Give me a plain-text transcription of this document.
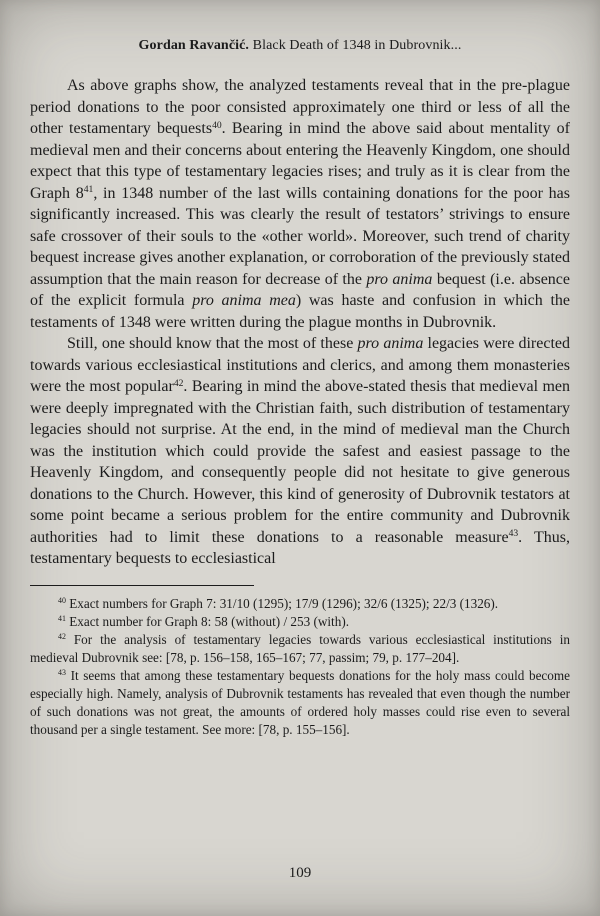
Gordan Ravančić. Black Death of 1348 in Dubrovnik...

As above graphs show, the analyzed testaments reveal that in the pre-plague period donations to the poor consisted approximately one third or less of all the other testamentary bequests$^{40}$. Bearing in mind the above said about mentality of medieval men and their concerns about entering the Heavenly Kingdom, one should expect that this type of testamentary legacies rises; and truly as it is clear from the Graph $8^{41}$, in 1348 number of the last wills containing donations for the poor has significantly increased. This was clearly the result of testators’ strivings to ensure safe crossover of their souls to the «other world». Moreover, such trend of charity bequest increase gives another explanation, or corroboration of the previously stated assumption that the main reason for decrease of the pro anima bequest (i.e. absence of the explicit formula pro anima mea) was haste and confusion in which the testaments of 1348 were written during the plague months in Dubrovnik.

Still, one should know that the most of these pro anima legacies were directed towards various ecclesiastical institutions and clerics, and among them monasteries were the most popular$^{42}$. Bearing in mind the above-stated thesis that medieval men were deeply impregnated with the Christian faith, such distribution of testamentary legacies should not surprise. At the end, in the mind of medieval man the Church was the institution which could provide the safest and easiest passage to the Heavenly Kingdom, and consequently people did not hesitate to give generous donations to the Church. However, this kind of generosity of Dubrovnik testators at some point became a serious problem for the entire community and Dubrovnik authorities had to limit these donations to a reasonable measure$^{43}$. Thus, testamentary bequests to ecclesiastical

$^{40}$ Exact numbers for Graph 7: 31/10 (1295); 17/9 (1296); 32/6 (1325); 22/3 (1326).

$^{41}$ Exact number for Graph 8: 58 (without) / 253 (with).

$^{42}$ For the analysis of testamentary legacies towards various ecclesiastical institutions in medieval Dubrovnik see: [78, p. 156–158, 165–167; 77, passim; 79, p. 177–204].

$^{43}$ It seems that among these testamentary bequests donations for the holy mass could become especially high. Namely, analysis of Dubrovnik testaments has revealed that even though the number of such donations was not great, the amounts of ordered holy masses could rise even to several thousand per a single testament. See more: [78, p. 155–156].

109
